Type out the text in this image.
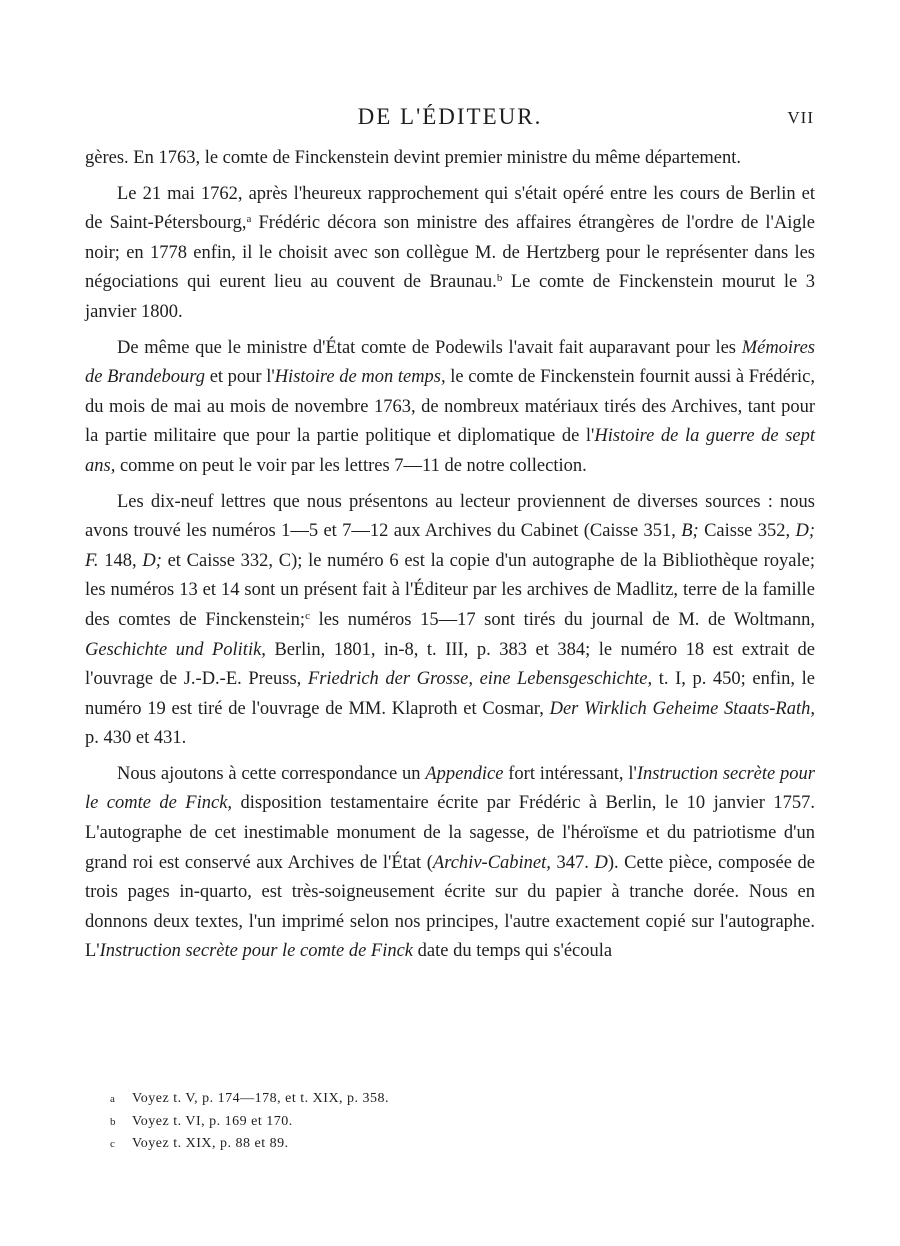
DE L'ÉDITEUR.	VII

gères. En 1763, le comte de Finckenstein devint premier ministre du même département.

Le 21 mai 1762, après l'heureux rapprochement qui s'était opéré entre les cours de Berlin et de Saint-Pétersbourg,$^a$ Frédéric décora son ministre des affaires étrangères de l'ordre de l'Aigle noir; en 1778 enfin, il le choisit avec son collègue M. de Hertzberg pour le représenter dans les négociations qui eurent lieu au couvent de Braunau.$^b$ Le comte de Finckenstein mourut le 3 janvier 1800.

De même que le ministre d'État comte de Podewils l'avait fait auparavant pour les Mémoires de Brandebourg et pour l'Histoire de mon temps, le comte de Finckenstein fournit aussi à Frédéric, du mois de mai au mois de novembre 1763, de nombreux matériaux tirés des Archives, tant pour la partie militaire que pour la partie politique et diplomatique de l'Histoire de la guerre de sept ans, comme on peut le voir par les lettres 7—11 de notre collection.

Les dix-neuf lettres que nous présentons au lecteur proviennent de diverses sources : nous avons trouvé les numéros 1—5 et 7—12 aux Archives du Cabinet (Caisse 351, B; Caisse 352, D; F. 148, D; et Caisse 332, C); le numéro 6 est la copie d'un autographe de la Bibliothèque royale; les numéros 13 et 14 sont un présent fait à l'Éditeur par les archives de Madlitz, terre de la famille des comtes de Finckenstein;$^c$ les numéros 15—17 sont tirés du journal de M. de Woltmann, Geschichte und Politik, Berlin, 1801, in-8, t. III, p. 383 et 384; le numéro 18 est extrait de l'ouvrage de J.-D.-E. Preuss, Friedrich der Grosse, eine Lebensgeschichte, t. I, p. 450; enfin, le numéro 19 est tiré de l'ouvrage de MM. Klaproth et Cosmar, Der Wirklich Geheime Staats-Rath, p. 430 et 431.

Nous ajoutons à cette correspondance un Appendice fort intéressant, l'Instruction secrète pour le comte de Finck, disposition testamentaire écrite par Frédéric à Berlin, le 10 janvier 1757. L'autographe de cet inestimable monument de la sagesse, de l'héroïsme et du patriotisme d'un grand roi est conservé aux Archives de l'État (Archiv-Cabinet, 347. D). Cette pièce, composée de trois pages in-quarto, est très-soigneusement écrite sur du papier à tranche dorée. Nous en donnons deux textes, l'un imprimé selon nos principes, l'autre exactement copié sur l'autographe. L'Instruction secrète pour le comte de Finck date du temps qui s'écoula

a Voyez t. V, p. 174—178, et t. XIX, p. 358.
b Voyez t. VI, p. 169 et 170.
c Voyez t. XIX, p. 88 et 89.
